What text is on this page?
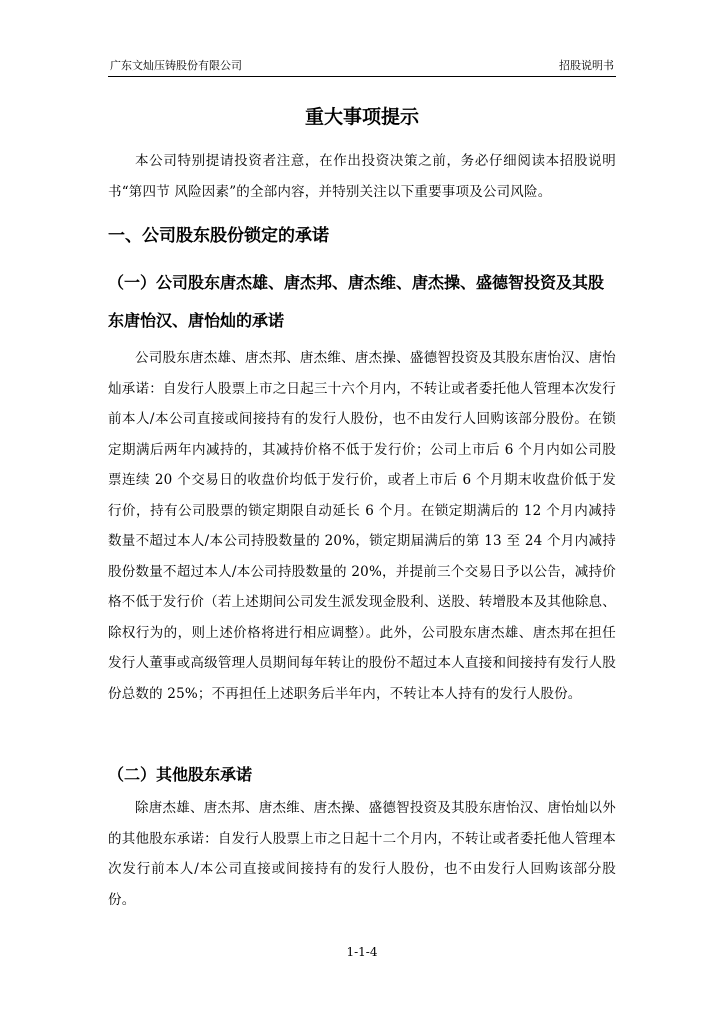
广东文灿压铸股份有限公司	招股说明书
重大事项提示

本公司特别提请投资者注意，在作出投资决策之前，务必仔细阅读本招股说明书“第四节 风险因素”的全部内容，并特别关注以下重要事项及公司风险。

一、公司股东股份锁定的承诺

（一）公司股东唐杰雄、唐杰邦、唐杰维、唐杰操、盛德智投资及其股东唐怡汉、唐怡灿的承诺

公司股东唐杰雄、唐杰邦、唐杰维、唐杰操、盛德智投资及其股东唐怡汉、唐怡灿承诺：自发行人股票上市之日起三十六个月内，不转让或者委托他人管理本次发行前本人/本公司直接或间接持有的发行人股份，也不由发行人回购该部分股份。在锁定期满后两年内减持的，其减持价格不低于发行价；公司上市后 6 个月内如公司股票连续 20 个交易日的收盘价均低于发行价，或者上市后 6 个月期末收盘价低于发行价，持有公司股票的锁定期限自动延长 6 个月。在锁定期满后的 12 个月内减持数量不超过本人/本公司持股数量的 20%，锁定期届满后的第 13 至 24 个月内减持股份数量不超过本人/本公司持股数量的 20%，并提前三个交易日予以公告，减持价格不低于发行价（若上述期间公司发生派发现金股利、送股、转增股本及其他除息、除权行为的，则上述价格将进行相应调整）。此外，公司股东唐杰雄、唐杰邦在担任发行人董事或高级管理人员期间每年转让的股份不超过本人直接和间接持有发行人股份总数的 25%；不再担任上述职务后半年内，不转让本人持有的发行人股份。

（二）其他股东承诺

除唐杰雄、唐杰邦、唐杰维、唐杰操、盛德智投资及其股东唐怡汉、唐怡灿以外的其他股东承诺：自发行人股票上市之日起十二个月内，不转让或者委托他人管理本次发行前本人/本公司直接或间接持有的发行人股份，也不由发行人回购该部分股份。

1-1-4
